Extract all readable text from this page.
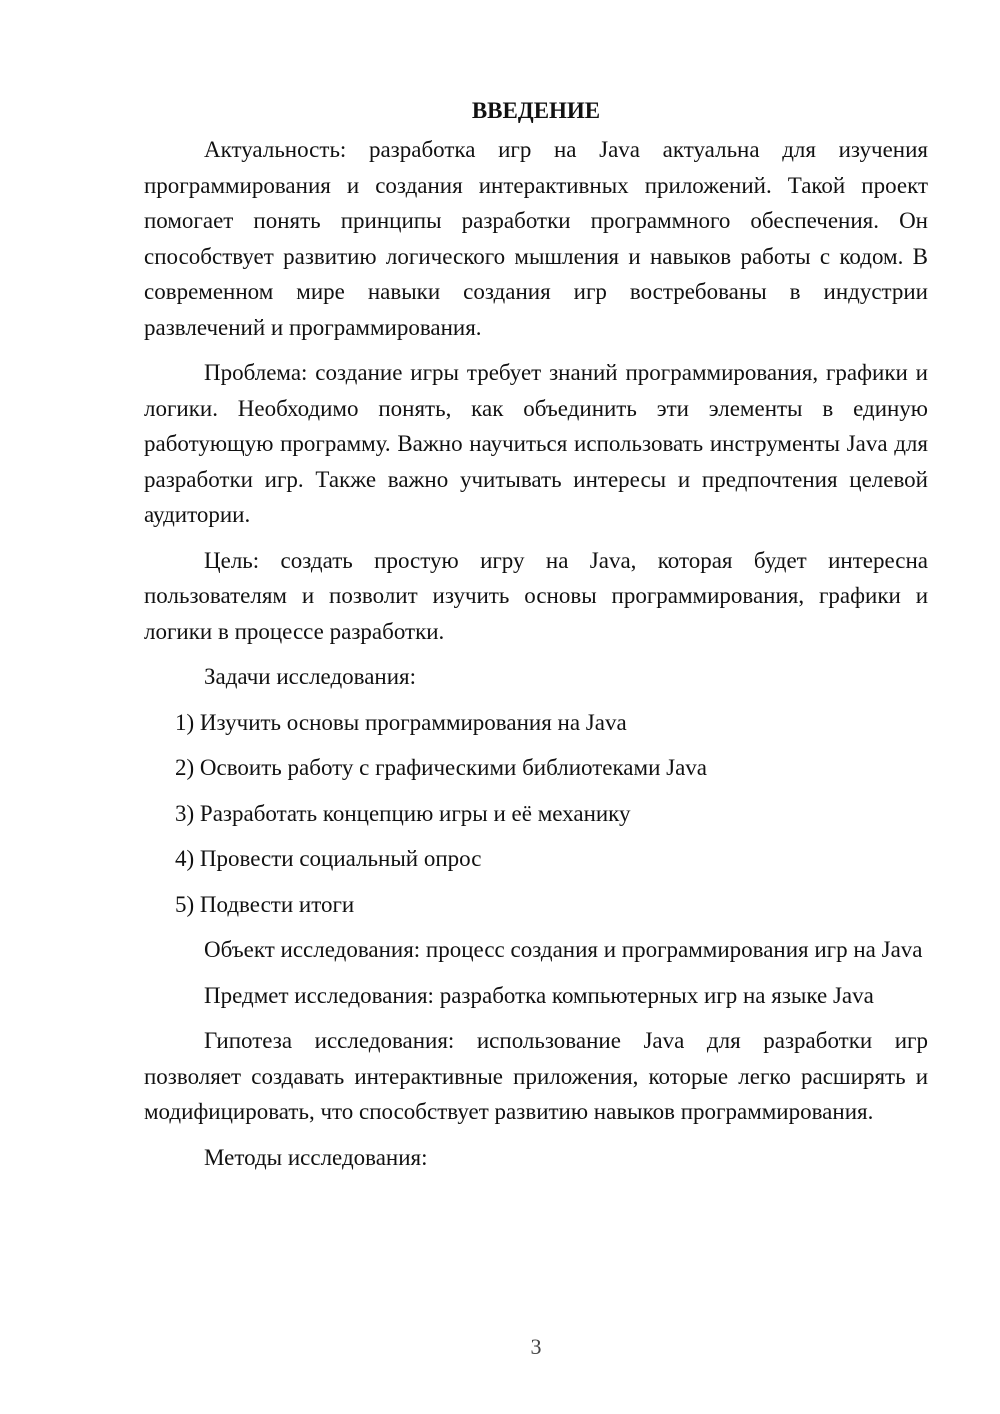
ВВЕДЕНИЕ

Актуальность: разработка игр на Java актуальна для изучения программирования и создания интерактивных приложений. Такой проект помогает понять принципы разработки программного обеспечения. Он способствует развитию логического мышления и навыков работы с кодом. В современном мире навыки создания игр востребованы в индустрии развлечений и программирования.

Проблема: создание игры требует знаний программирования, графики и логики. Необходимо понять, как объединить эти элементы в единую работующую программу. Важно научиться использовать инструменты Java для разработки игр. Также важно учитывать интересы и предпочтения целевой аудитории.

Цель: создать простую игру на Java, которая будет интересна пользователям и позволит изучить основы программирования, графики и логики в процессе разработки.

Задачи исследования:

1) Изучить основы программирования на Java
2) Освоить работу с графическими библиотеками Java
3) Разработать концепцию игры и её механику
4) Провести социальный опрос
5) Подвести итоги

Объект исследования: процесс создания и программирования игр на Java

Предмет исследования: разработка компьютерных игр на языке Java

Гипотеза исследования: использование Java для разработки игр позволяет создавать интерактивные приложения, которые легко расширять и модифицировать, что способствует развитию навыков программирования.

Методы исследования:

3
